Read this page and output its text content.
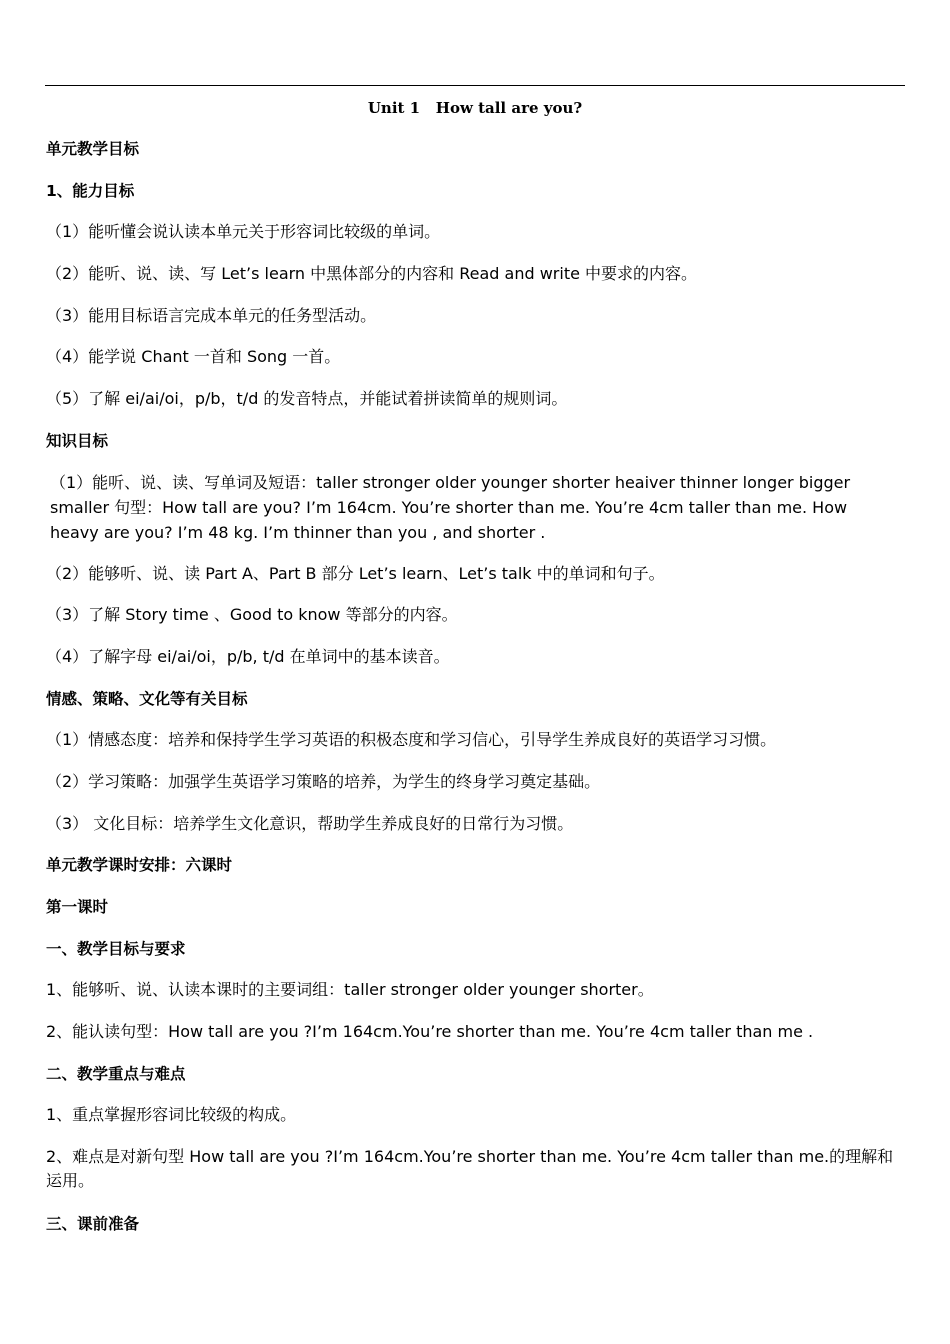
Unit 1   How tall are you?
单元教学目标
1、能力目标
（1）能听懂会说认读本单元关于形容词比较级的单词。
（2）能听、说、读、写 Let’s learn 中黑体部分的内容和 Read and write 中要求的内容。
（3）能用目标语言完成本单元的任务型活动。
（4）能学说 Chant 一首和 Song 一首。
（5）了解 ei/ai/oi，p/b，t/d 的发音特点，并能试着拼读简单的规则词。
知识目标
（1）能听、说、读、写单词及短语：taller stronger older younger shorter heaiver thinner longer bigger smaller 句型：How tall are you? I’m 164cm. You’re shorter than me. You’re 4cm taller than me. How heavy are you? I’m 48 kg. I’m thinner than you , and shorter .
（2）能够听、说、读 Part A、Part B 部分 Let’s learn、Let’s talk 中的单词和句子。
（3）了解 Story time 、Good to know 等部分的内容。
（4）了解字母 ei/ai/oi，p/b, t/d 在单词中的基本读音。
情感、策略、文化等有关目标
（1）情感态度：培养和保持学生学习英语的积极态度和学习信心，引导学生养成良好的英语学习习惯。
（2）学习策略：加强学生英语学习策略的培养，为学生的终身学习奠定基础。
（3） 文化目标：培养学生文化意识，帮助学生养成良好的日常行为习惯。
单元教学课时安排：六课时
第一课时
一、教学目标与要求
1、能够听、说、认读本课时的主要词组：taller stronger older younger shorter。
2、能认读句型：How tall are you ?I’m 164cm.You’re shorter than me. You’re 4cm taller than me .
二、教学重点与难点
1、重点掌握形容词比较级的构成。
2、难点是对新句型 How tall are you ?I’m 164cm.You’re shorter than me. You’re 4cm taller than me.的理解和运用。
三、课前准备
